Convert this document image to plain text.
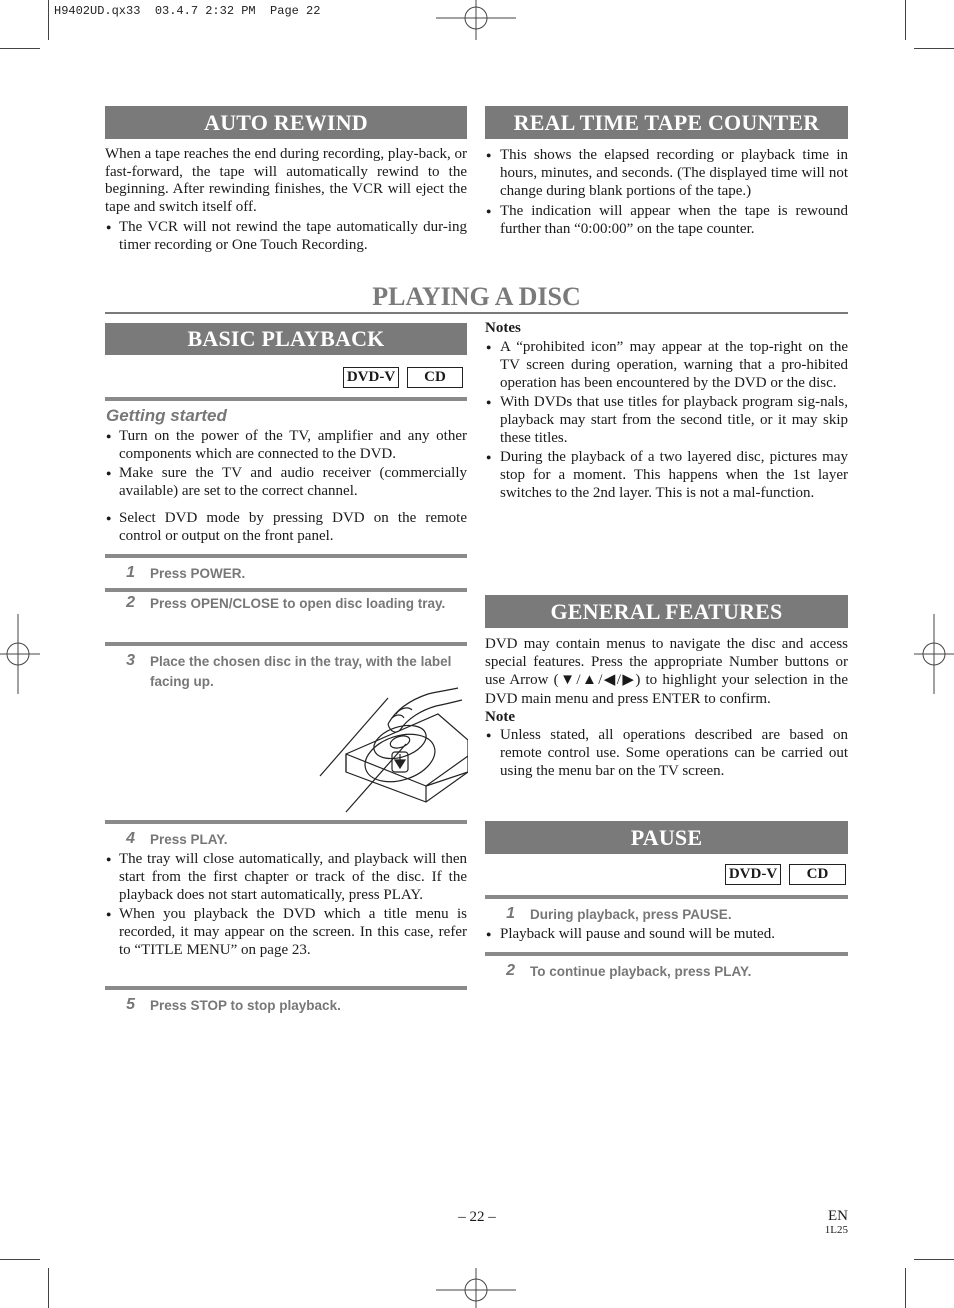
H9402UD.qx33  03.4.7 2:32 PM  Page 22
AUTO REWIND

When a tape reaches the end during recording, play-back, or fast-forward, the tape will automatically rewind to the beginning. After rewinding finishes, the VCR will eject the tape and switch itself off.

● The VCR will not rewind the tape automatically dur-ing timer recording or One Touch Recording.
REAL TIME TAPE COUNTER
● This shows the elapsed recording or playback time in hours, minutes, and seconds. (The displayed time will not change during blank portions of the tape.)
● The indication will appear when the tape is rewound further than “0:00:00” on the tape counter.
PLAYING A DISC
BASIC PLAYBACK
DVD-V	CD
Getting started
● Turn on the power of the TV, amplifier and any other components which are connected to the DVD.
● Make sure the TV and audio receiver (commercially available) are set to the correct channel.
● Select DVD mode by pressing DVD on the remote control or output on the front panel.
1 Press POWER.
2 Press OPEN/CLOSE to open disc loading tray.
3 Place the chosen disc in the tray, with the label facing up.
4 Press PLAY.
● The tray will close automatically, and playback will then start from the first chapter or track of the disc. If the playback does not start automatically, press PLAY.
● When you playback the DVD which a title menu is recorded, it may appear on the screen. In this case, refer to “TITLE MENU” on page 23.
5 Press STOP to stop playback.
Notes
● A “prohibited icon” may appear at the top-right on the TV screen during operation, warning that a pro-hibited operation has been encountered by the DVD or the disc.
● With DVDs that use titles for playback program sig-nals, playback may start from the second title, or it may skip these titles.
● During the playback of a two layered disc, pictures may stop for a moment. This happens when the 1st layer switches to the 2nd layer. This is not a mal-function.
GENERAL FEATURES

DVD may contain menus to navigate the disc and access special features. Press the appropriate Number buttons or use Arrow (▼/▲/◀/▶) to highlight your selection in the DVD main menu and press ENTER to confirm.

Note
● Unless stated, all operations described are based on remote control use. Some operations can be carried out using the menu bar on the TV screen.
PAUSE
DVD-V	CD
1 During playback, press PAUSE.
● Playback will pause and sound will be muted.
2 To continue playback, press PLAY.
– 22 –	EN
1L25
